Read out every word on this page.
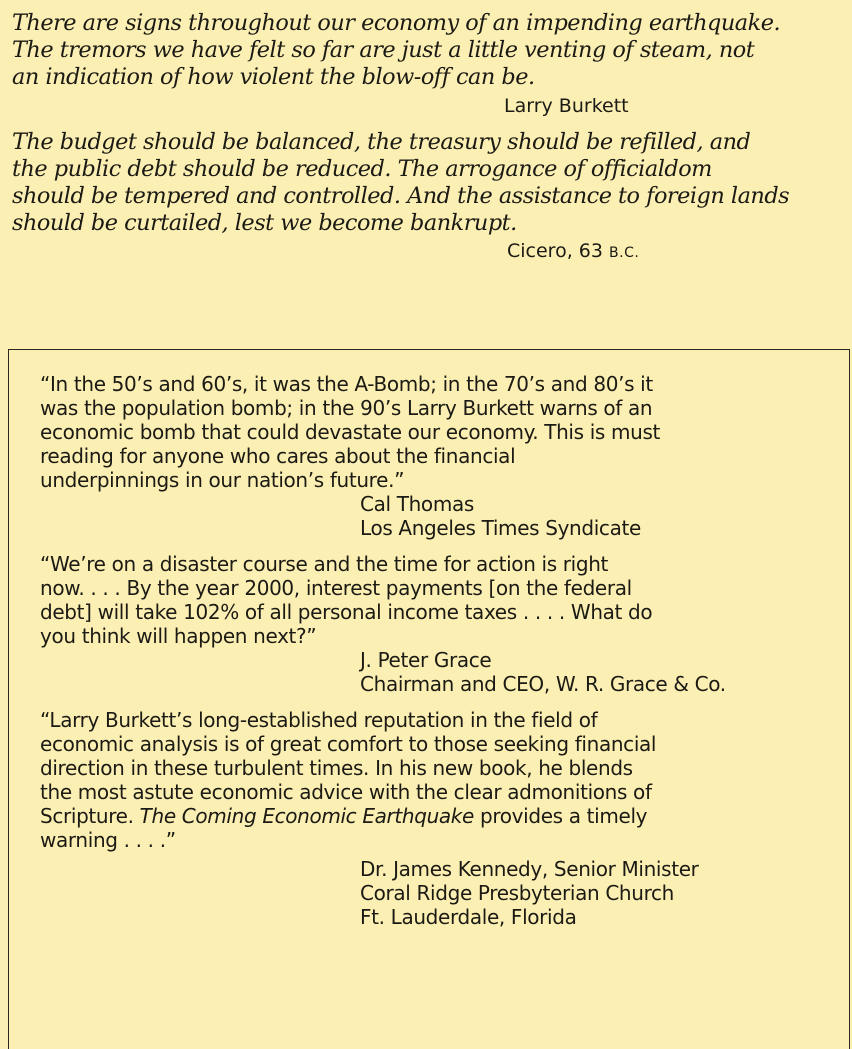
There are signs throughout our economy of an impending earthquake.
The tremors we have felt so far are just a little venting of steam, not
an indication of how violent the blow-off can be.
Larry Burkett
The budget should be balanced, the treasury should be refilled, and
the public debt should be reduced. The arrogance of officialdom
should be tempered and controlled. And the assistance to foreign lands
should be curtailed, lest we become bankrupt.
Cicero, 63 B.C.
“In the 50’s and 60’s, it was the A-Bomb; in the 70’s and 80’s it
was the population bomb; in the 90’s Larry Burkett warns of an
economic bomb that could devastate our economy. This is must
reading for anyone who cares about the financial
underpinnings in our nation’s future.”
Cal Thomas
Los Angeles Times Syndicate
“We’re on a disaster course and the time for action is right
now. . . . By the year 2000, interest payments [on the federal
debt] will take 102% of all personal income taxes . . . . What do
you think will happen next?”
J. Peter Grace
Chairman and CEO, W. R. Grace & Co.
“Larry Burkett’s long-established reputation in the field of
economic analysis is of great comfort to those seeking financial
direction in these turbulent times. In his new book, he blends
the most astute economic advice with the clear admonitions of
Scripture. The Coming Economic Earthquake provides a timely
warning . . . .”
Dr. James Kennedy, Senior Minister
Coral Ridge Presbyterian Church
Ft. Lauderdale, Florida
